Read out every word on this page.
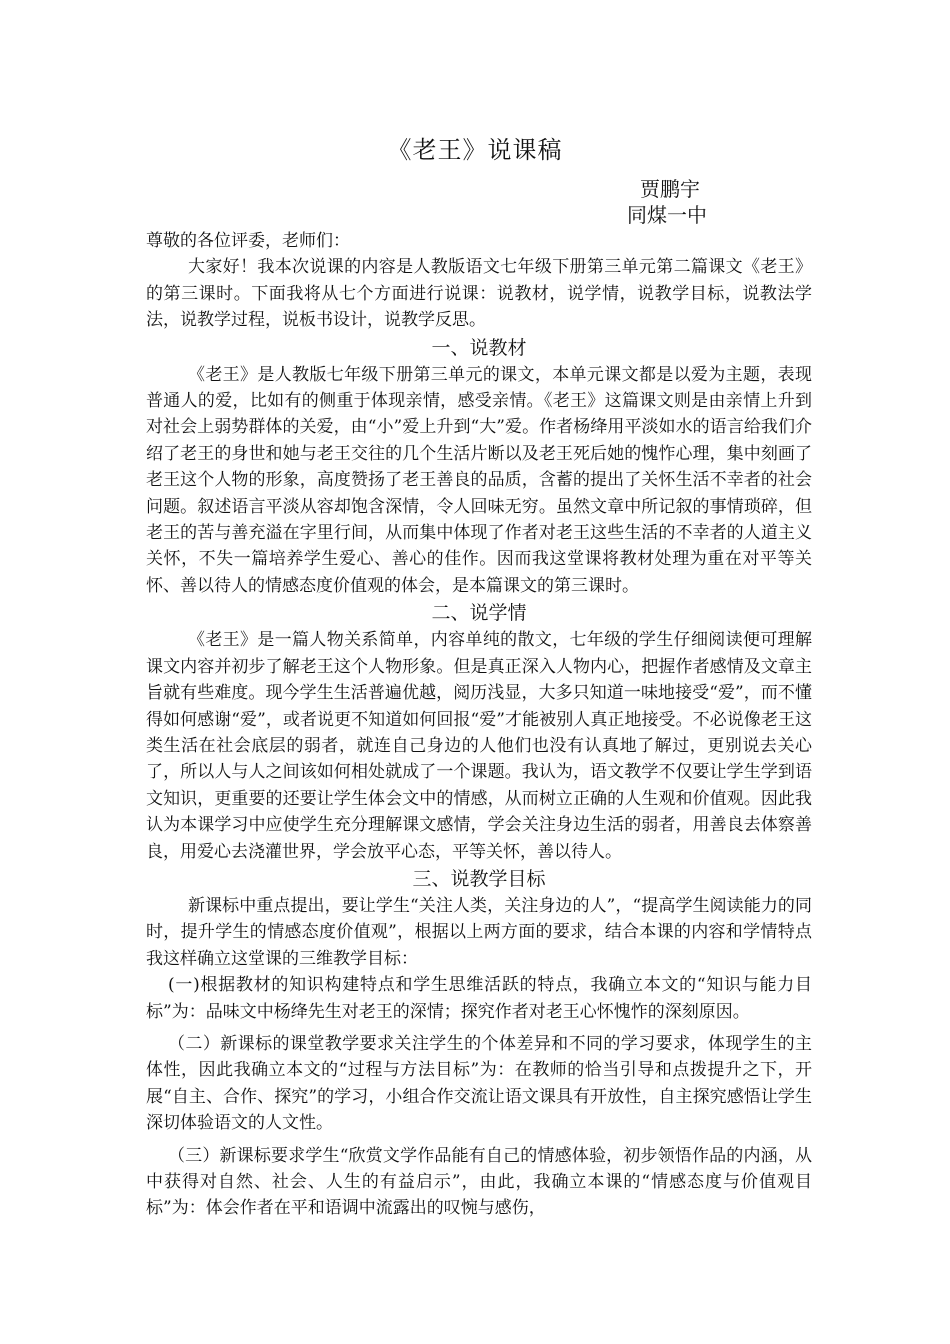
《老王》说课稿
贾鹏宇
同煤一中

尊敬的各位评委，老师们：

大家好！我本次说课的内容是人教版语文七年级下册第三单元第二篇课文《老王》的第三课时。下面我将从七个方面进行说课：说教材，说学情，说教学目标，说教法学法，说教学过程，说板书设计，说教学反思。

一、说教材

《老王》是人教版七年级下册第三单元的课文，本单元课文都是以爱为主题，表现普通人的爱，比如有的侧重于体现亲情，感受亲情。《老王》这篇课文则是由亲情上升到对社会上弱势群体的关爱，由“小”爱上升到“大”爱。作者杨绛用平淡如水的语言给我们介绍了老王的身世和她与老王交往的几个生活片断以及老王死后她的愧怍心理，集中刻画了老王这个人物的形象，高度赞扬了老王善良的品质，含蓄的提出了关怀生活不幸者的社会问题。叙述语言平淡从容却饱含深情，令人回味无穷。虽然文章中所记叙的事情琐碎，但老王的苦与善充溢在字里行间，从而集中体现了作者对老王这些生活的不幸者的人道主义关怀，不失一篇培养学生爱心、善心的佳作。因而我这堂课将教材处理为重在对平等关怀、善以待人的情感态度价值观的体会，是本篇课文的第三课时。

二、说学情

《老王》是一篇人物关系简单，内容单纯的散文，七年级的学生仔细阅读便可理解课文内容并初步了解老王这个人物形象。但是真正深入人物内心，把握作者感情及文章主旨就有些难度。现今学生生活普遍优越，阅历浅显，大多只知道一味地接受“爱”，而不懂得如何感谢“爱”，或者说更不知道如何回报“爱”才能被别人真正地接受。不必说像老王这类生活在社会底层的弱者，就连自己身边的人他们也没有认真地了解过，更别说去关心了，所以人与人之间该如何相处就成了一个课题。我认为，语文教学不仅要让学生学到语文知识，更重要的还要让学生体会文中的情感，从而树立正确的人生观和价值观。因此我认为本课学习中应使学生充分理解课文感情，学会关注身边生活的弱者，用善良去体察善良，用爱心去浇灌世界，学会放平心态，平等关怀，善以待人。

三、说教学目标

新课标中重点提出，要让学生“关注人类，关注身边的人”，“提高学生阅读能力的同时，提升学生的情感态度价值观”，根据以上两方面的要求，结合本课的内容和学情特点我这样确立这堂课的三维教学目标：

(一)根据教材的知识构建特点和学生思维活跃的特点，我确立本文的“知识与能力目标”为：品味文中杨绛先生对老王的深情；探究作者对老王心怀愧怍的深刻原因。

（二）新课标的课堂教学要求关注学生的个体差异和不同的学习要求，体现学生的主体性，因此我确立本文的“过程与方法目标”为：在教师的恰当引导和点拨提升之下，开展“自主、合作、探究”的学习，小组合作交流让语文课具有开放性，自主探究感悟让学生深切体验语文的人文性。

（三）新课标要求学生“欣赏文学作品能有自己的情感体验，初步领悟作品的内涵，从中获得对自然、社会、人生的有益启示”，由此，我确立本课的“情感态度与价值观目标”为：体会作者在平和语调中流露出的叹惋与感伤，
